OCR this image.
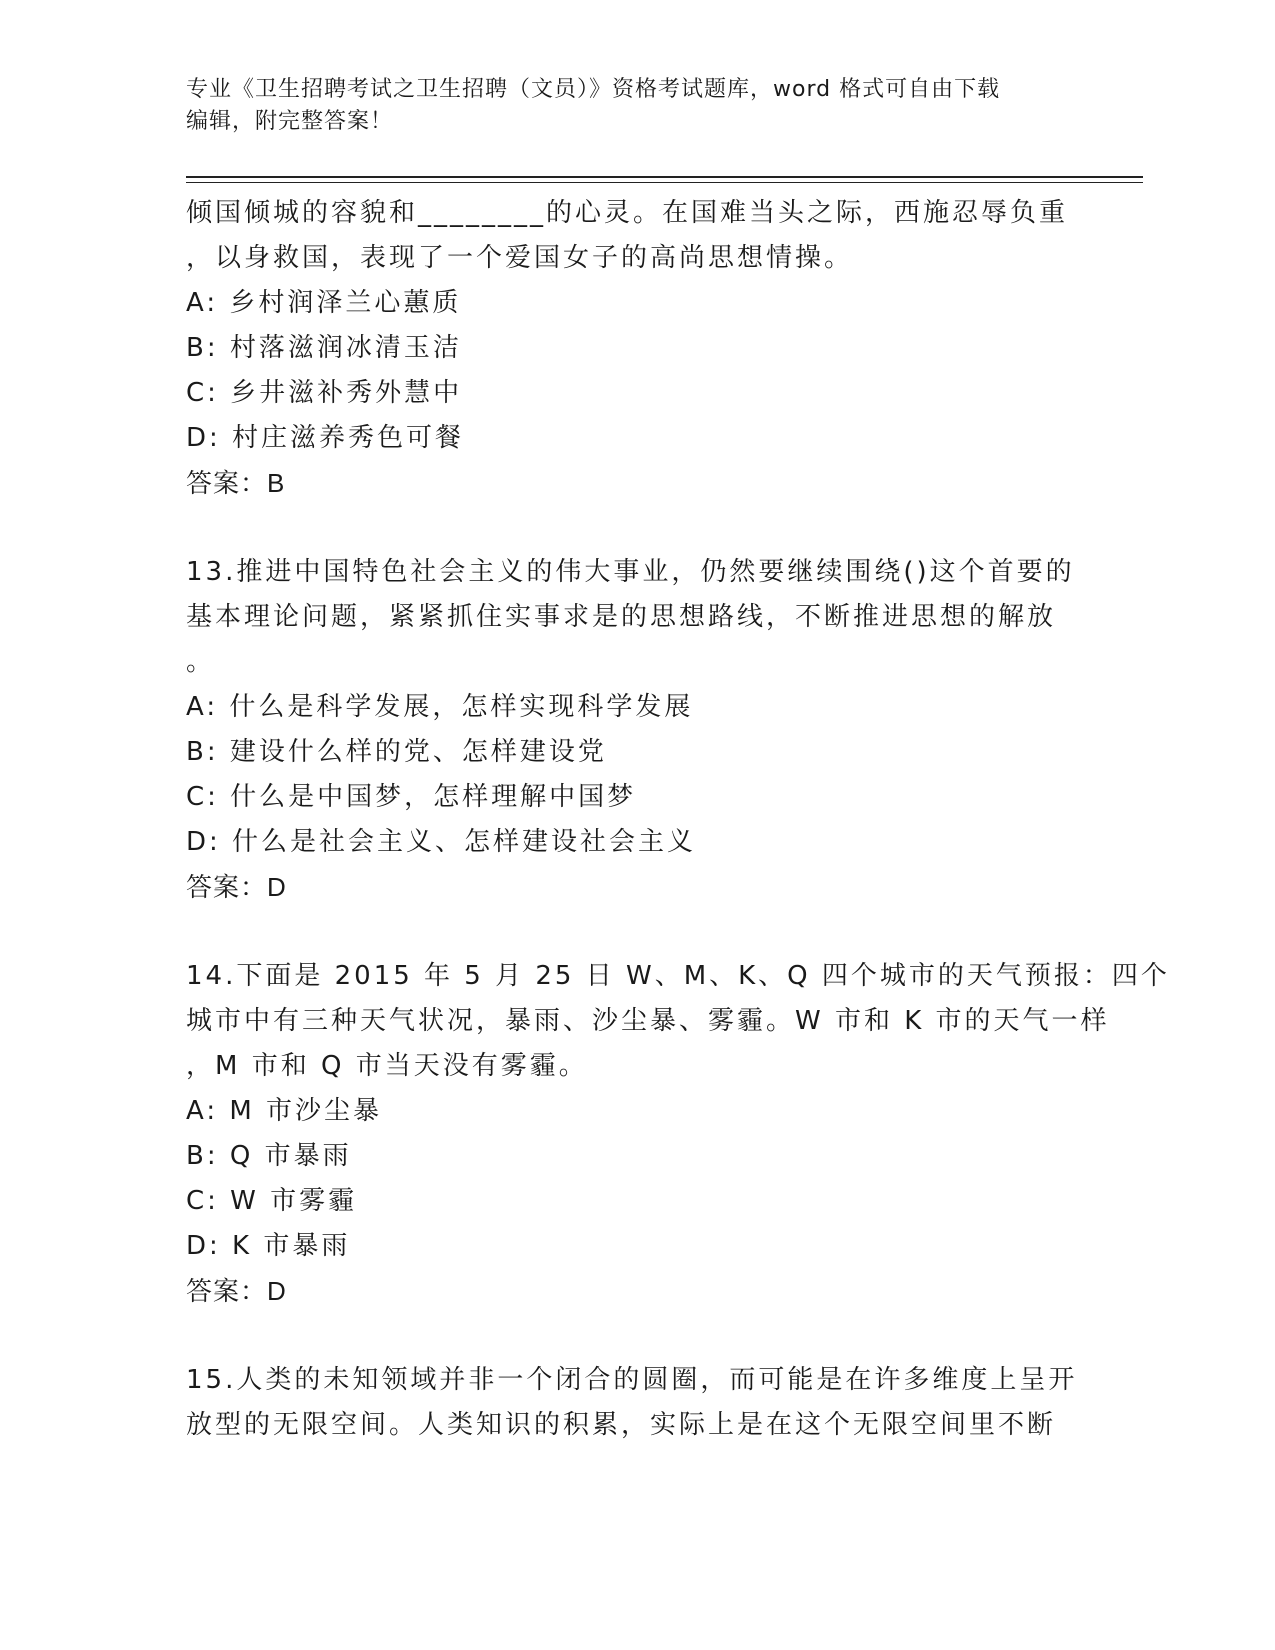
专业《卫生招聘考试之卫生招聘（文员）》资格考试题库，word 格式可自由下载
编辑，附完整答案！
倾国倾城的容貌和________的心灵。在国难当头之际，西施忍辱负重
，以身救国，表现了一个爱国女子的高尚思想情操。
A: 乡村润泽兰心蕙质
B: 村落滋润冰清玉洁
C: 乡井滋补秀外慧中
D: 村庄滋养秀色可餐
答案：B
13.推进中国特色社会主义的伟大事业，仍然要继续围绕()这个首要的
基本理论问题，紧紧抓住实事求是的思想路线，不断推进思想的解放
。
A: 什么是科学发展，怎样实现科学发展
B: 建设什么样的党、怎样建设党
C: 什么是中国梦，怎样理解中国梦
D: 什么是社会主义、怎样建设社会主义
答案：D
14.下面是 2015 年 5 月 25 日 W、M、K、Q 四个城市的天气预报：四个
城市中有三种天气状况，暴雨、沙尘暴、雾霾。W 市和 K 市的天气一样
，M 市和 Q 市当天没有雾霾。
A: M 市沙尘暴
B: Q 市暴雨
C: W 市雾霾
D: K 市暴雨
答案：D
15.人类的未知领域并非一个闭合的圆圈，而可能是在许多维度上呈开
放型的无限空间。人类知识的积累，实际上是在这个无限空间里不断
